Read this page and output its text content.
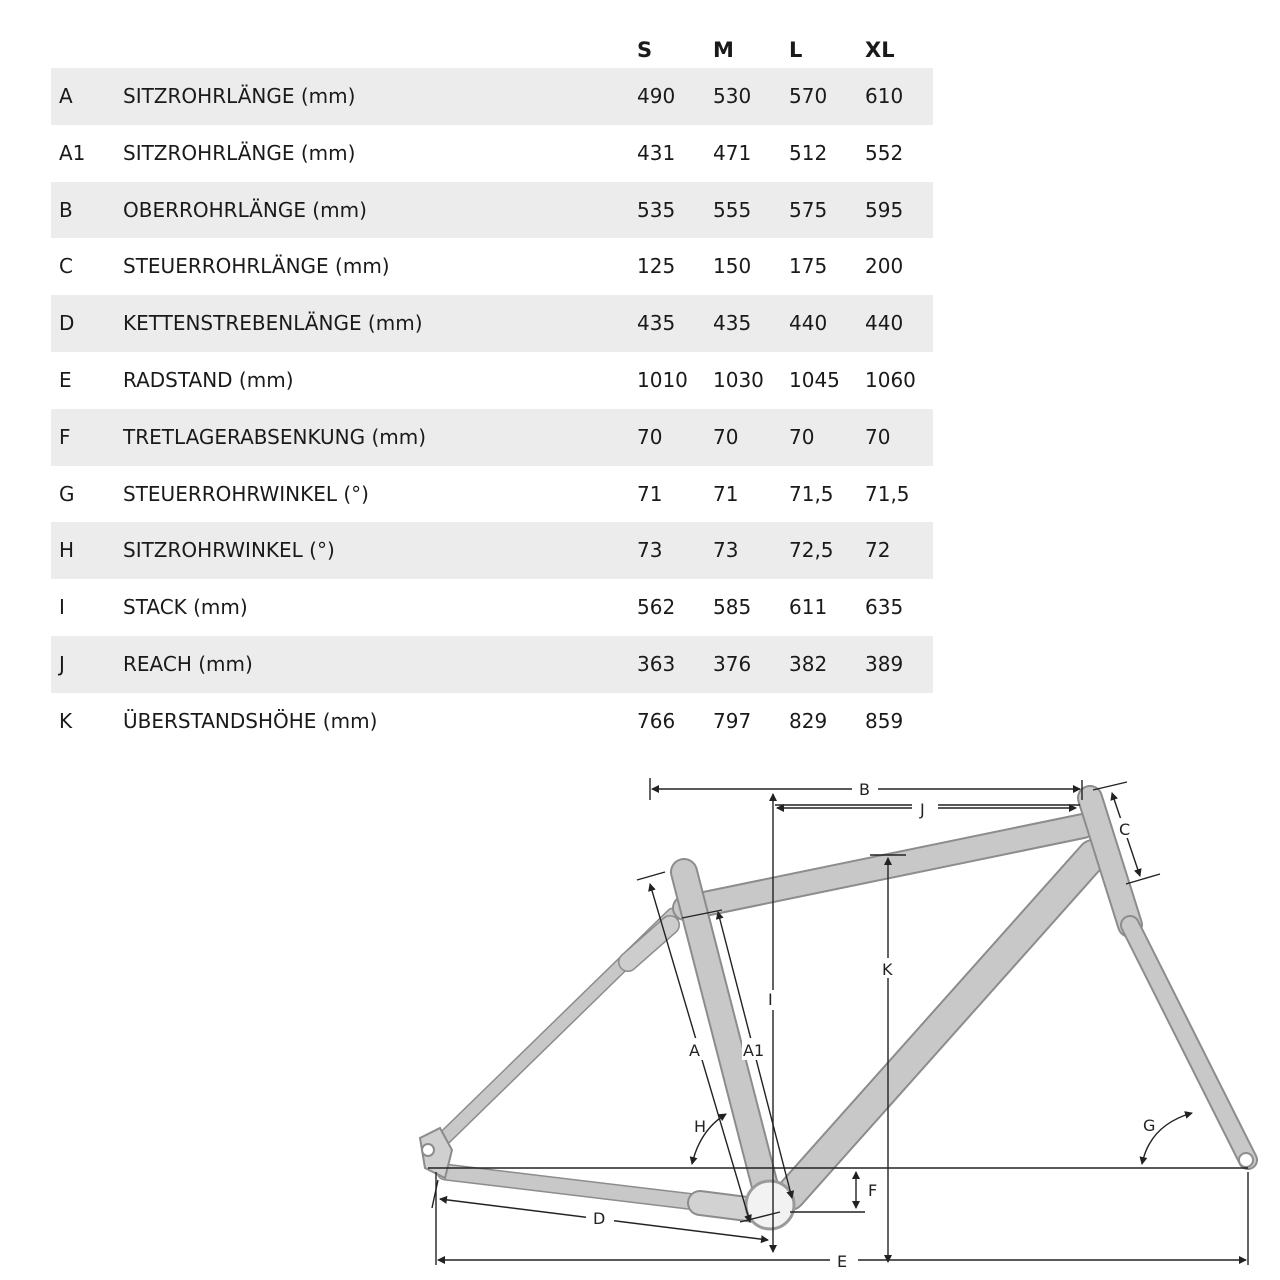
S	M	L	XL
A	SITZROHRLÄNGE (mm)	490 530 570 610
A1 SITZROHRLÄNGE (mm)	431 471 512 552
B	OBERROHRLÄNGE (mm)	535 555 575 595
C	STEUERROHRLÄNGE (mm)	125 150 175 200
D KETTENSTREBENLÄNGE (mm)	435 435 440 440
E	RADSTAND (mm)	1010 1030 1045 1060
F	TRETLAGERABSENKUNG (mm)	70	70	70	70
G STEUERROHRWINKEL (°)	71	71	71,5 71,5
H SITZROHRWINKEL (°)	73	73	72,5 72
I	STACK (mm)	562 585 611 635
J	REACH (mm)	363 376 382 389
K	ÜBERSTANDSHÖHE (mm)	766 797 829 859
B
J
I
K
C
A	A1
H	G
F
D
E
